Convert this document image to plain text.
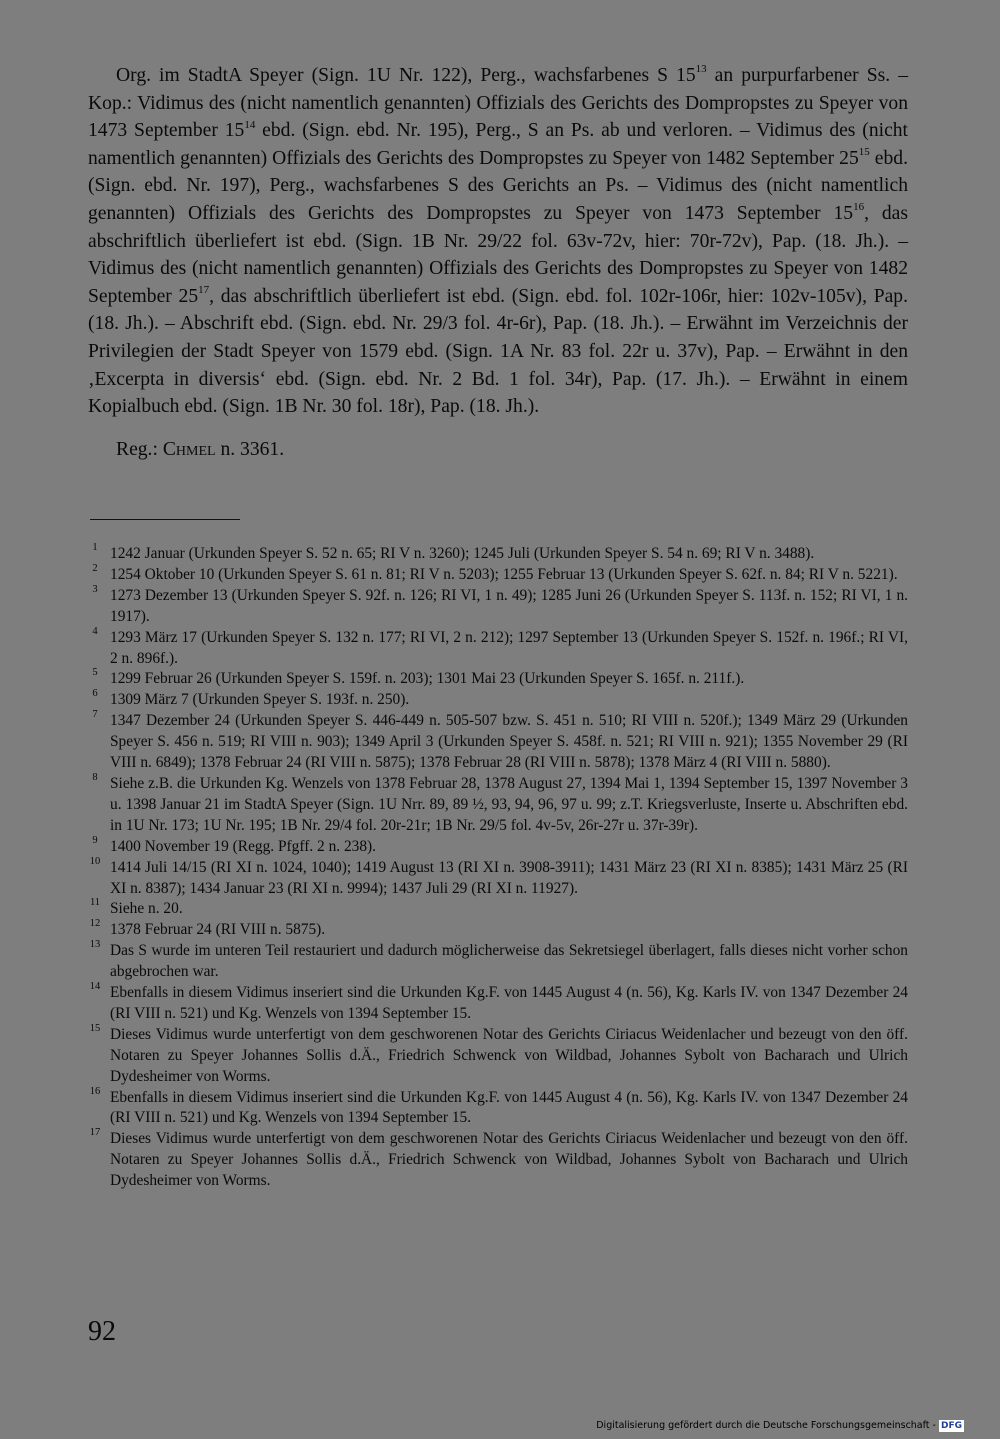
Org. im StadtA Speyer (Sign. 1U Nr. 122), Perg., wachsfarbenes S $15^{13}$ an purpurfarbener Ss. – Kop.: Vidimus des (nicht namentlich genannten) Offizials des Gerichts des Dompropstes zu Speyer von 1473 September $15^{14}$ ebd. (Sign. ebd. Nr. 195), Perg., S an Ps. ab und verloren. – Vidimus des (nicht namentlich genannten) Offizials des Gerichts des Dompropstes zu Speyer von 1482 September $25^{15}$ ebd. (Sign. ebd. Nr. 197), Perg., wachsfarbenes S des Gerichts an Ps. – Vidimus des (nicht namentlich genannten) Offizials des Gerichts des Dompropstes zu Speyer von 1473 September $15^{16}$, das abschriftlich überliefert ist ebd. (Sign. 1B Nr. 29/22 fol. 63v-72v, hier: 70r-72v), Pap. (18. Jh.). – Vidimus des (nicht namentlich genannten) Offizials des Gerichts des Dompropstes zu Speyer von 1482 September $25^{17}$, das abschriftlich überliefert ist ebd. (Sign. ebd. fol. 102r-106r, hier: 102v-105v), Pap. (18. Jh.). – Abschrift ebd. (Sign. ebd. Nr. 29/3 fol. 4r-6r), Pap. (18. Jh.). – Erwähnt im Verzeichnis der Privilegien der Stadt Speyer von 1579 ebd. (Sign. 1A Nr. 83 fol. 22r u. 37v), Pap. – Erwähnt in den ‚Excerpta in diversis‘ ebd. (Sign. ebd. Nr. 2 Bd. 1 fol. 34r), Pap. (17. Jh.). – Erwähnt in einem Kopialbuch ebd. (Sign. 1B Nr. 30 fol. 18r), Pap. (18. Jh.).

Reg.: Chmel n. 3361.

1 1242 Januar (Urkunden Speyer S. 52 n. 65; RI V n. 3260); 1245 Juli (Urkunden Speyer S. 54 n. 69; RI V n. 3488).
2 1254 Oktober 10 (Urkunden Speyer S. 61 n. 81; RI V n. 5203); 1255 Februar 13 (Urkunden Speyer S. 62f. n. 84; RI V n. 5221).
3 1273 Dezember 13 (Urkunden Speyer S. 92f. n. 126; RI VI, 1 n. 49); 1285 Juni 26 (Urkunden Speyer S. 113f. n. 152; RI VI, 1 n. 1917).
4 1293 März 17 (Urkunden Speyer S. 132 n. 177; RI VI, 2 n. 212); 1297 September 13 (Urkunden Speyer S. 152f. n. 196f.; RI VI, 2 n. 896f.).
5 1299 Februar 26 (Urkunden Speyer S. 159f. n. 203); 1301 Mai 23 (Urkunden Speyer S. 165f. n. 211f.).
6 1309 März 7 (Urkunden Speyer S. 193f. n. 250).
7 1347 Dezember 24 (Urkunden Speyer S. 446-449 n. 505-507 bzw. S. 451 n. 510; RI VIII n. 520f.); 1349 März 29 (Urkunden Speyer S. 456 n. 519; RI VIII n. 903); 1349 April 3 (Urkunden Speyer S. 458f. n. 521; RI VIII n. 921); 1355 November 29 (RI VIII n. 6849); 1378 Februar 24 (RI VIII n. 5875); 1378 Februar 28 (RI VIII n. 5878); 1378 März 4 (RI VIII n. 5880).
8 Siehe z.B. die Urkunden Kg. Wenzels von 1378 Februar 28, 1378 August 27, 1394 Mai 1, 1394 September 15, 1397 November 3 u. 1398 Januar 21 im StadtA Speyer (Sign. 1U Nrr. 89, 89 ½, 93, 94, 96, 97 u. 99; z.T. Kriegsverluste, Inserte u. Abschriften ebd. in 1U Nr. 173; 1U Nr. 195; 1B Nr. 29/4 fol. 20r-21r; 1B Nr. 29/5 fol. 4v-5v, 26r-27r u. 37r-39r).
9 1400 November 19 (Regg. Pfgff. 2 n. 238).
10 1414 Juli 14/15 (RI XI n. 1024, 1040); 1419 August 13 (RI XI n. 3908-3911); 1431 März 23 (RI XI n. 8385); 1431 März 25 (RI XI n. 8387); 1434 Januar 23 (RI XI n. 9994); 1437 Juli 29 (RI XI n. 11927).
11 Siehe n. 20.
12 1378 Februar 24 (RI VIII n. 5875).
13 Das S wurde im unteren Teil restauriert und dadurch möglicherweise das Sekretsiegel überlagert, falls dieses nicht vorher schon abgebrochen war.
14 Ebenfalls in diesem Vidimus inseriert sind die Urkunden Kg.F. von 1445 August 4 (n. 56), Kg. Karls IV. von 1347 Dezember 24 (RI VIII n. 521) und Kg. Wenzels von 1394 September 15.
15 Dieses Vidimus wurde unterfertigt von dem geschworenen Notar des Gerichts Ciriacus Weidenlacher und bezeugt von den öff. Notaren zu Speyer Johannes Sollis d.Ä., Friedrich Schwenck von Wildbad, Johannes Sybolt von Bacharach und Ulrich Dydesheimer von Worms.
16 Ebenfalls in diesem Vidimus inseriert sind die Urkunden Kg.F. von 1445 August 4 (n. 56), Kg. Karls IV. von 1347 Dezember 24 (RI VIII n. 521) und Kg. Wenzels von 1394 September 15.
17 Dieses Vidimus wurde unterfertigt von dem geschworenen Notar des Gerichts Ciriacus Weidenlacher und bezeugt von den öff. Notaren zu Speyer Johannes Sollis d.Ä., Friedrich Schwenck von Wildbad, Johannes Sybolt von Bacharach und Ulrich Dydesheimer von Worms.
92
Digitalisierung gefördert durch die Deutsche Forschungsgemeinschaft - DFG
